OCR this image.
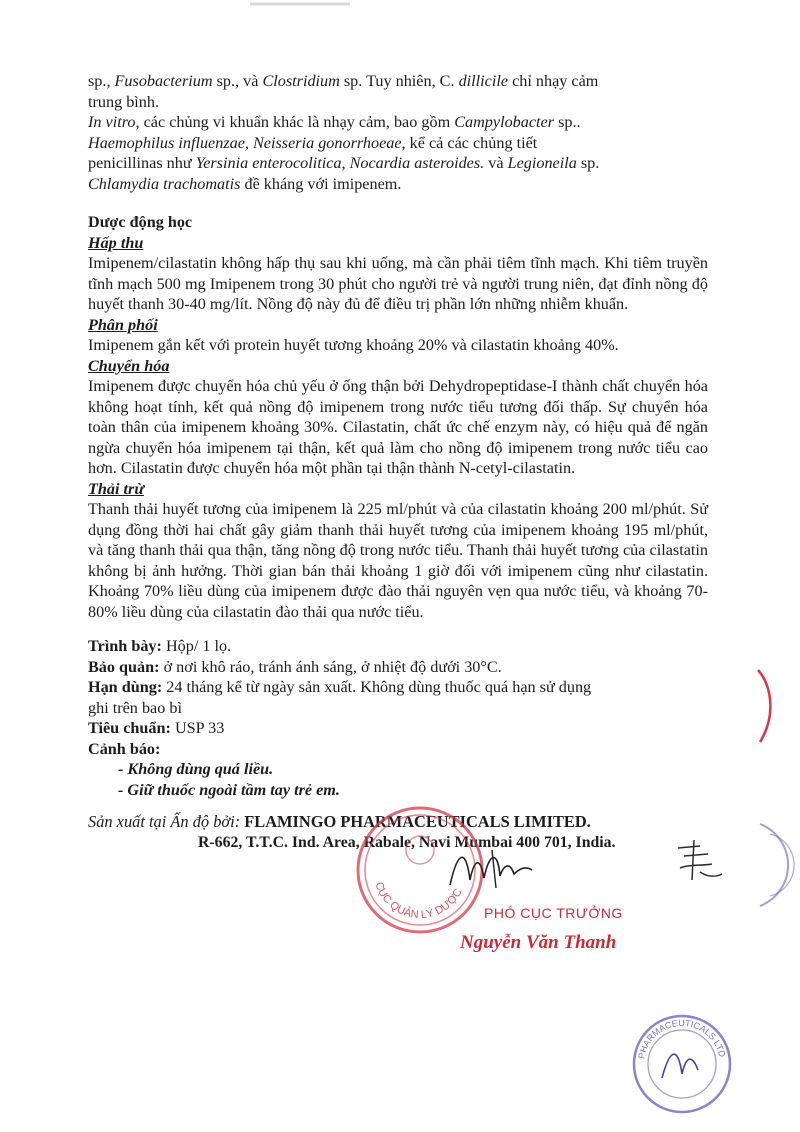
sp., Fusobacterium sp., và Clostridium sp. Tuy nhiên, C. dillicile chỉ nhạy cảm

trung bình.

In vitro, các chủng vi khuẩn khác là nhạy cảm, bao gồm Campylobacter sp..
Haemophilus influenzae, Neisseria gonorrhoeae, kể cả các chủng tiết
penicillinas như Yersinia enterocolitica, Nocardia asteroides. và Legioneila sp.
Chlamydia trachomatis đề kháng với imipenem.

Dược động học

Hấp thu

Imipenem/cilastatin không hấp thụ sau khi uống, mà cần phải tiêm tĩnh mạch. Khi tiêm truyền tĩnh mạch 500 mg Imipenem trong 30 phút cho người trẻ và người trung niên, đạt đỉnh nồng độ huyết thanh 30-40 mg/lít. Nồng độ này đủ để điều trị phần lớn những nhiễm khuẩn.

Phân phối

Imipenem gắn kết với protein huyết tương khoảng 20% và cilastatin khoảng 40%.

Chuyển hóa

Imipenem được chuyển hóa chủ yếu ở ống thận bởi Dehydropeptidase-I thành chất chuyển hóa không hoạt tính, kết quả nồng độ imipenem trong nước tiểu tương đối thấp. Sự chuyển hóa toàn thân của imipenem khoảng 30%. Cilastatin, chất ức chế enzym này, có hiệu quả để ngăn ngừa chuyển hóa imipenem tại thận, kết quả làm cho nồng độ imipenem trong nước tiểu cao hơn. Cilastatin được chuyển hóa một phần tại thận thành N-cetyl-cilastatin.

Thải trừ

Thanh thải huyết tương của imipenem là 225 ml/phút và của cilastatin khoảng 200 ml/phút. Sử dụng đồng thời hai chất gây giảm thanh thải huyết tương của imipenem khoảng 195 ml/phút, và tăng thanh thải qua thận, tăng nồng độ trong nước tiểu. Thanh thải huyết tương của cilastatin không bị ảnh hưởng. Thời gian bán thải khoảng 1 giờ đối với imipenem cũng như cilastatin. Khoảng 70% liều dùng của imipenem được đào thải nguyên vẹn qua nước tiểu, và khoảng 70-80% liều dùng của cilastatin đào thải qua nước tiểu.

Trình bày: Hộp/ 1 lọ.

Bảo quản: ở nơi khô ráo, tránh ánh sáng, ở nhiệt độ dưới 30°C.

Hạn dùng: 24 tháng kể từ ngày sản xuất. Không dùng thuốc quá hạn sử dụng
ghi trên bao bì

Tiêu chuẩn: USP 33

Cảnh báo:

- Không dùng quá liều.

- Giữ thuốc ngoài tầm tay trẻ em.

Sản xuất tại Ấn độ bởi: FLAMINGO PHARMACEUTICALS LIMITED.

R-662, T.T.C. Ind. Area, Rabale, Navi Mumbai 400 701, India.

CỤC QUẢN LÝ DƯỢC
PHÓ CỤC TRƯỞNG
Nguyễn Văn Thanh
PHARMACEUTICALS LTD
